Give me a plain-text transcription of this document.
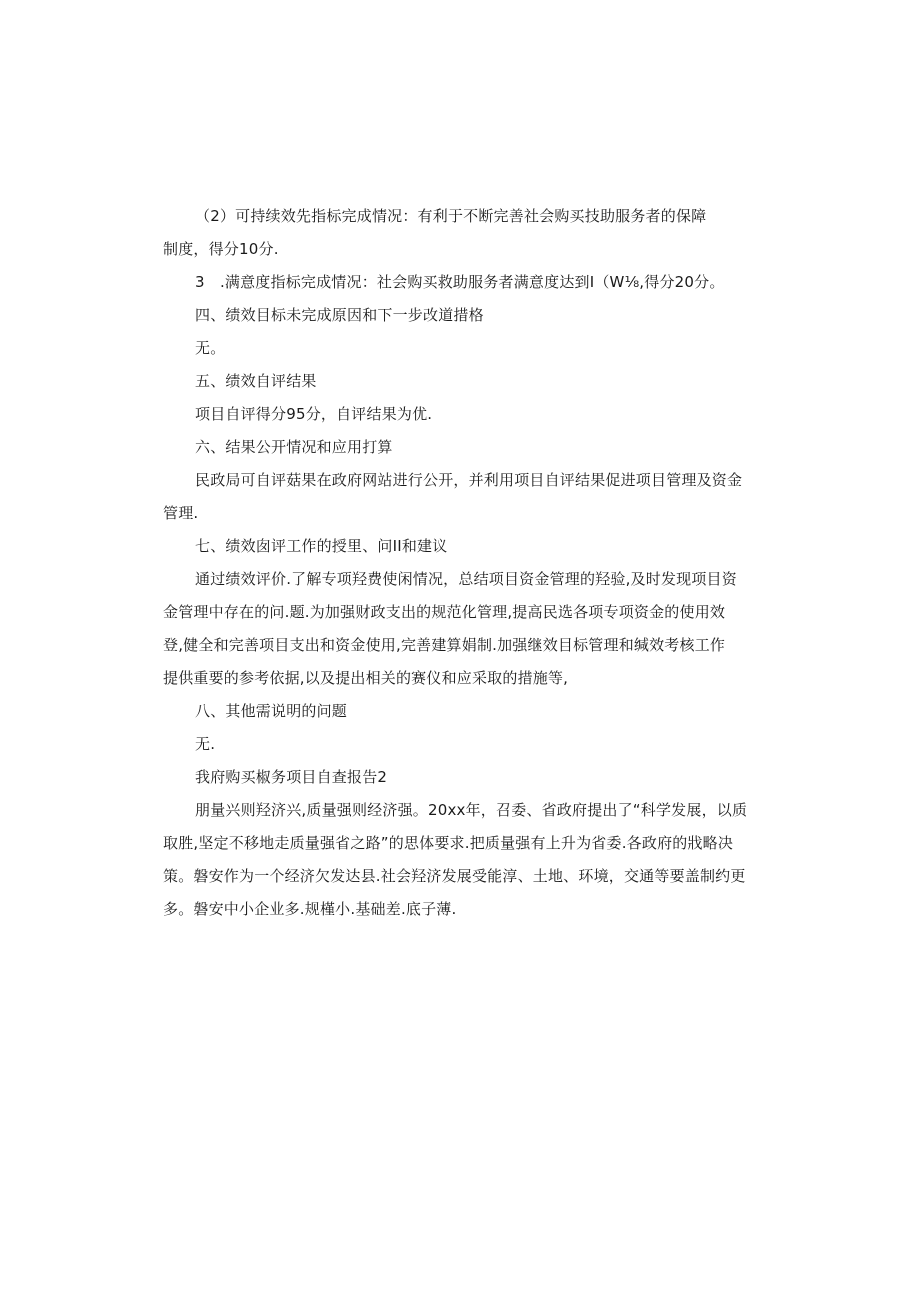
（2）可持续效先指标完成情况：有利于不断完善社会购买技助服务者的保障
制度，得分10分.
3　.满意度指标完成情况：社会购买救助服务者满意度达到I（W⅛,得分20分。
四、绩效目标未完成原因和下一步改道措格
无。
五、绩效自评结果
项目自评得分95分，自评结果为优.
六、结果公开情况和应用打算
民政局可自评菇果在政府网站进行公开，并利用项目自评结果促进项目管理及资金
管理.
七、绩效囱评工作的授里、问II和建议
通过绩效评价.了解专项羟费使闲情况，总结项目资金管理的羟验,及时发现项目资
金管理中存在的问.题.为加强财政支出的规范化管理,提高民选各项专项资金的使用效
登,健全和完善项目支出和资金使用,完善建算娟制.加强继效目标管理和缄效考核工作
提供重要的参考依据,以及提出相关的赛仪和应采取的措施等,
八、其他需说明的问题
无.
我府购买椒务项目自查报告2
朋量兴则羟济兴,质量强则经济强。20xx年，召委、省政府提出了“科学发展，以质
取胜,坚定不移地走质量强省之路”的思体要求.把质量强有上升为省委.各政府的戕略决
策。磐安作为一个经济欠发达县.社会羟济发展受能淳、土地、环境，交通等要盖制约更
多。磐安中小企业多.规槿小.基础差.底子薄.
